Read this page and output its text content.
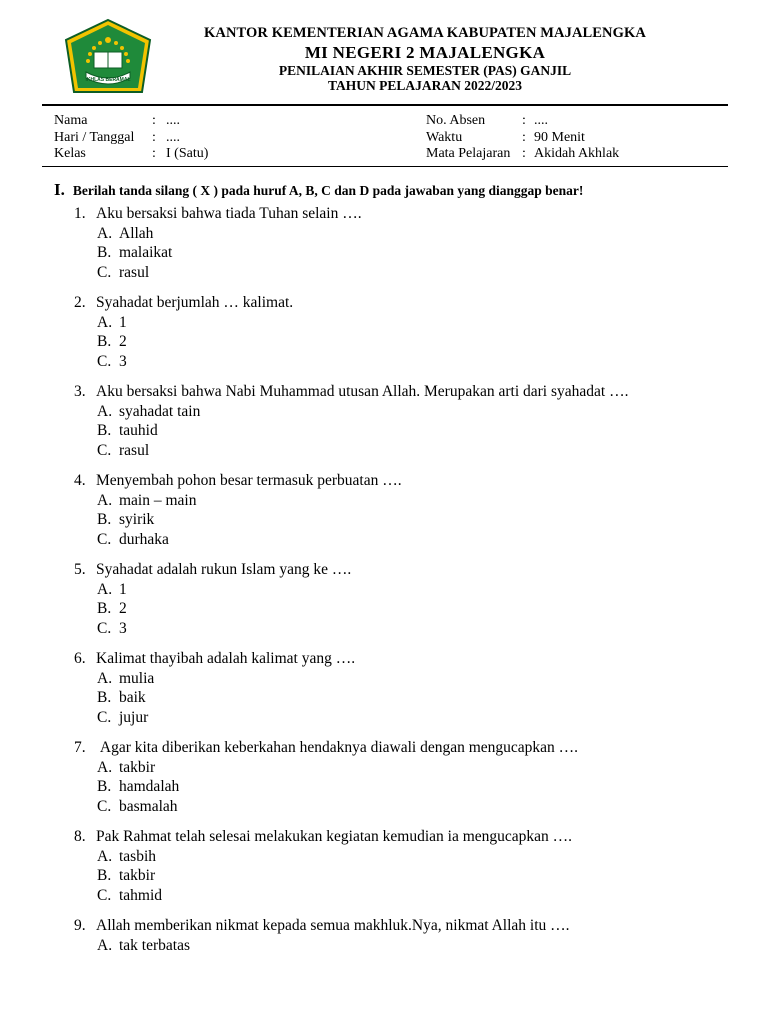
IKHLAS BERAMAL
KANTOR KEMENTERIAN AGAMA KABUPATEN MAJALENGKA
MI NEGERI 2 MAJALENGKA
PENILAIAN AKHIR SEMESTER (PAS) GANJIL
TAHUN PELAJARAN 2022/2023
Nama	: ....
Hari / Tanggal	: ....
Kelas	: I (Satu)
No. Absen	: ....
Waktu	: 90 Menit
Mata Pelajaran : Akidah Akhlak
I. Berilah tanda silang ( X ) pada huruf A, B, C dan D pada jawaban yang dianggap benar!
1. Aku bersaksi bahwa tiada Tuhan selain ….
A. Allah
B. malaikat
C. rasul
2. Syahadat berjumlah … kalimat.
A. 1
B. 2
C. 3
3. Aku bersaksi bahwa Nabi Muhammad utusan Allah. Merupakan arti dari syahadat ….
A. syahadat tain
B. tauhid
C. rasul
4. Menyembah pohon besar termasuk perbuatan ….
A. main – main
B. syirik
C. durhaka
5. Syahadat adalah rukun Islam yang ke ….
A. 1
B. 2
C. 3
6. Kalimat thayibah adalah kalimat yang ….
A. mulia
B. baik
C. jujur
7. Agar kita diberikan keberkahan hendaknya diawali dengan mengucapkan ….
A. takbir
B. hamdalah
C. basmalah
8. Pak Rahmat telah selesai melakukan kegiatan kemudian ia mengucapkan ….
A. tasbih
B. takbir
C. tahmid
9. Allah memberikan nikmat kepada semua makhluk.Nya, nikmat Allah itu ….
A. tak terbatas
